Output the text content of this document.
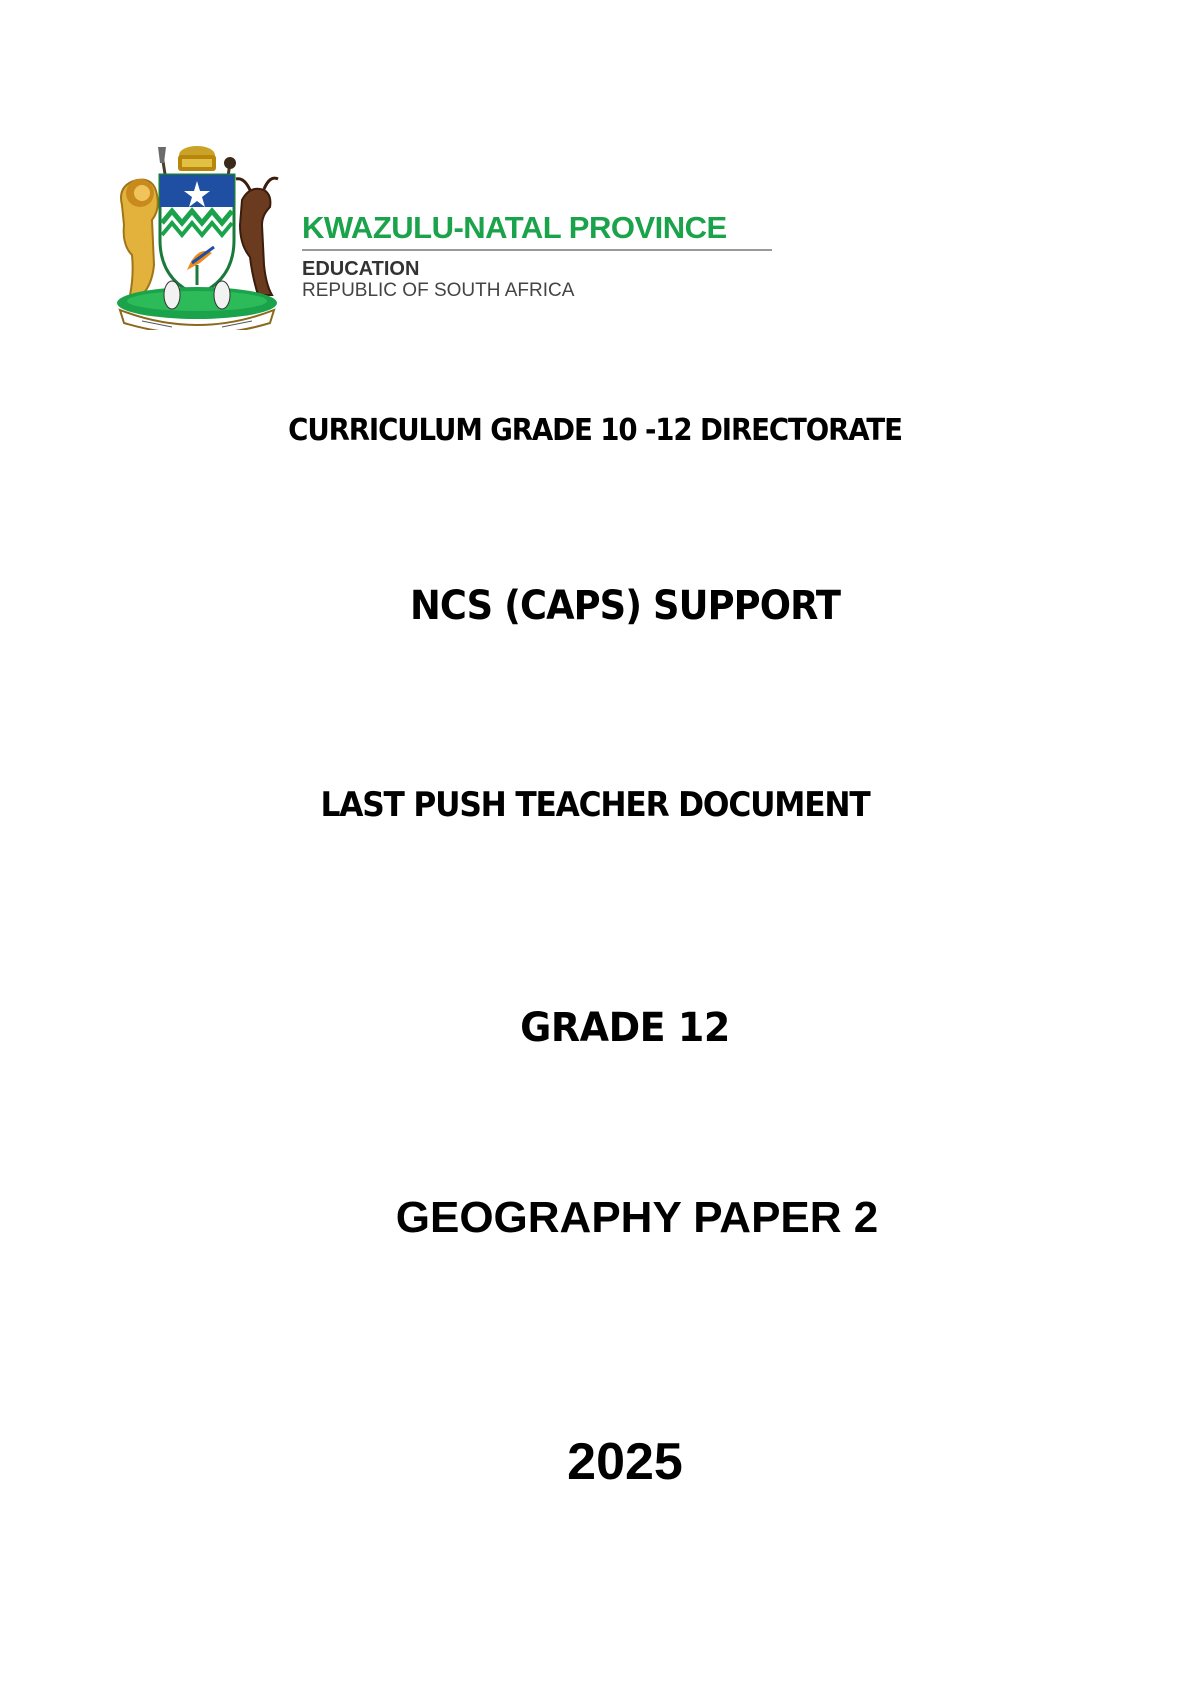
KWAZULU-NATAL PROVINCE
EDUCATION
REPUBLIC OF SOUTH AFRICA
CURRICULUM GRADE 10 -12 DIRECTORATE
NCS (CAPS) SUPPORT
LAST PUSH TEACHER DOCUMENT
GRADE 12
GEOGRAPHY PAPER 2
2025
